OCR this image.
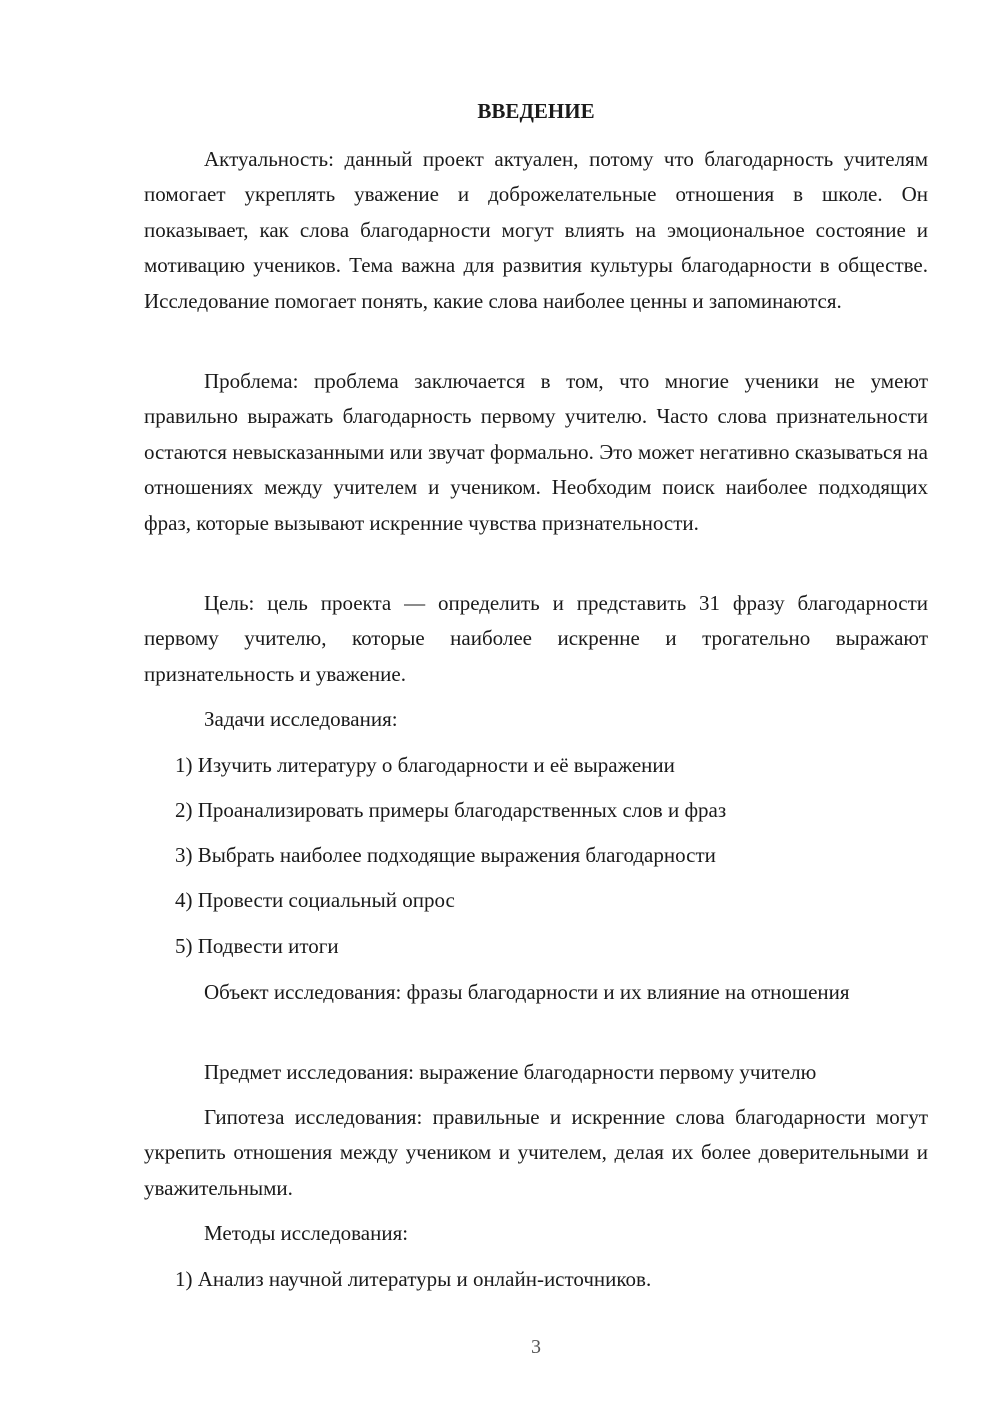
ВВЕДЕНИЕ

Актуальность: данный проект актуален, потому что благодарность учителям помогает укреплять уважение и доброжелательные отношения в школе. Он показывает, как слова благодарности могут влиять на эмоциональное состояние и мотивацию учеников. Тема важна для развития культуры благодарности в обществе. Исследование помогает понять, какие слова наиболее ценны и запоминаются.

Проблема: проблема заключается в том, что многие ученики не умеют правильно выражать благодарность первому учителю. Часто слова признательности остаются невысказанными или звучат формально. Это может негативно сказываться на отношениях между учителем и учеником. Необходим поиск наиболее подходящих фраз, которые вызывают искренние чувства признательности.

Цель: цель проекта — определить и представить 31 фразу благодарности первому учителю, которые наиболее искренне и трогательно выражают признательность и уважение.

Задачи исследования:

1) Изучить литературу о благодарности и её выражении

2) Проанализировать примеры благодарственных слов и фраз

3) Выбрать наиболее подходящие выражения благодарности

4) Провести социальный опрос

5) Подвести итоги

Объект исследования: фразы благодарности и их влияние на отношения

Предмет исследования: выражение благодарности первому учителю

Гипотеза исследования: правильные и искренние слова благодарности могут укрепить отношения между учеником и учителем, делая их более доверительными и уважительными.

Методы исследования:

1) Анализ научной литературы и онлайн-источников.

3
